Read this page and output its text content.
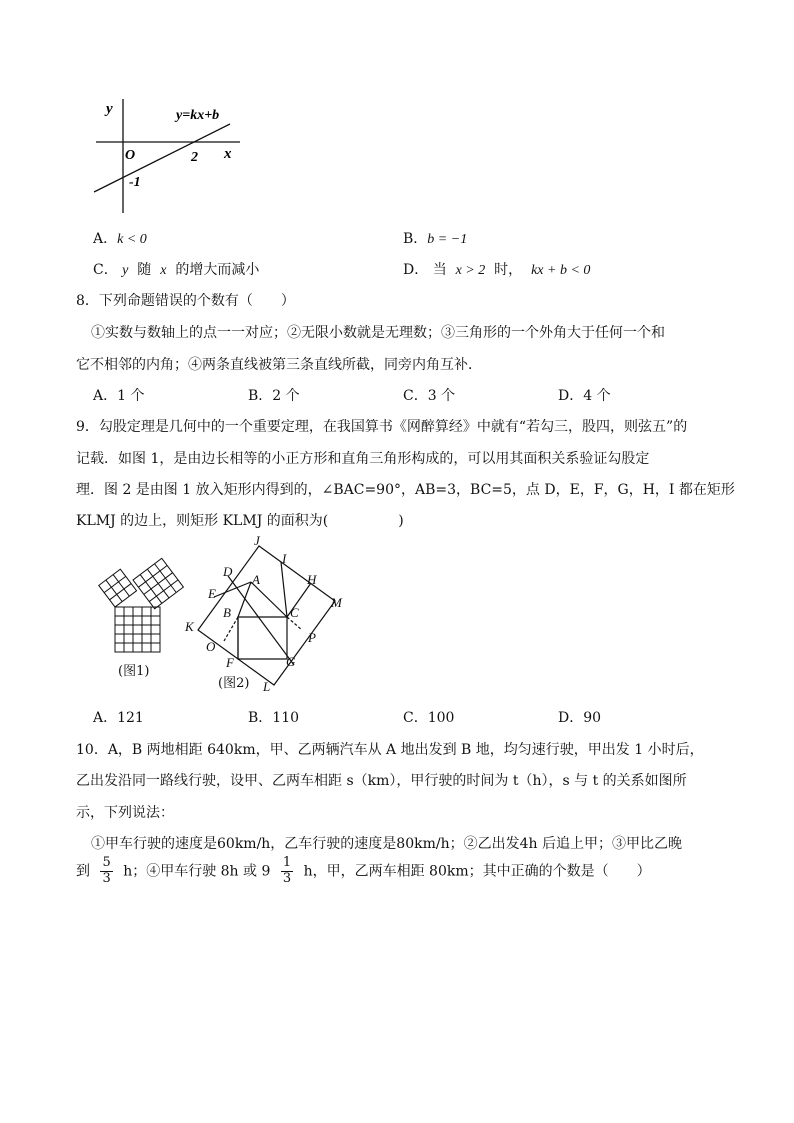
y	y=kx+b
O	2 x
-1
A．k < 0	B．b = −1
C． y 随 x 的增大而减小	D． 当 x > 2 时， kx + b < 0
8．下列命题错误的个数有（　　）
①实数与数轴上的点一一对应；②无限小数就是无理数；③三角形的一个外角大于任何一个和
它不相邻的内角；④两条直线被第三条直线所截，同旁内角互补．
A．1 个	B．2 个	C．3 个	D．4 个
9．勾股定理是几何中的一个重要定理，在我国算书《网醉算经》中就有“若勾三，股四，则弦五”的
记载．如图 1，是由边长相等的小正方形和直角三角形构成的，可以用其面积关系验证勾股定
理．图 2 是由图 1 放入矩形内得到的，∠BAC=90°，AB=3，BC=5，点 D，E，F，G，H，I 都在矩形
KLMJ 的边上，则矩形 KLMJ 的面积为(　　　　　)
(图1)
J
I
D
A	H
M
E
B	C
K
P
O
F	G
L
(图2)
A．121	B．110	C．100	D．90
10．A，B 两地相距 640km，甲、乙两辆汽车从 A 地出发到 B 地，均匀速行驶，甲出发 1 小时后，
乙出发沿同一路线行驶，设甲、乙两车相距 s（km），甲行驶的时间为 t（h），s 与 t 的关系如图所
示，下列说法：
①甲车行驶的速度是60km/h，乙车行驶的速度是80km/h；②乙出发4h 后追上甲；③甲比乙晚
到 $\frac{5}{3}$ h；④甲车行驶 8h 或 $9 \frac{1}{3}$ h，甲，乙两车相距 80km；其中正确的个数是（　　）
